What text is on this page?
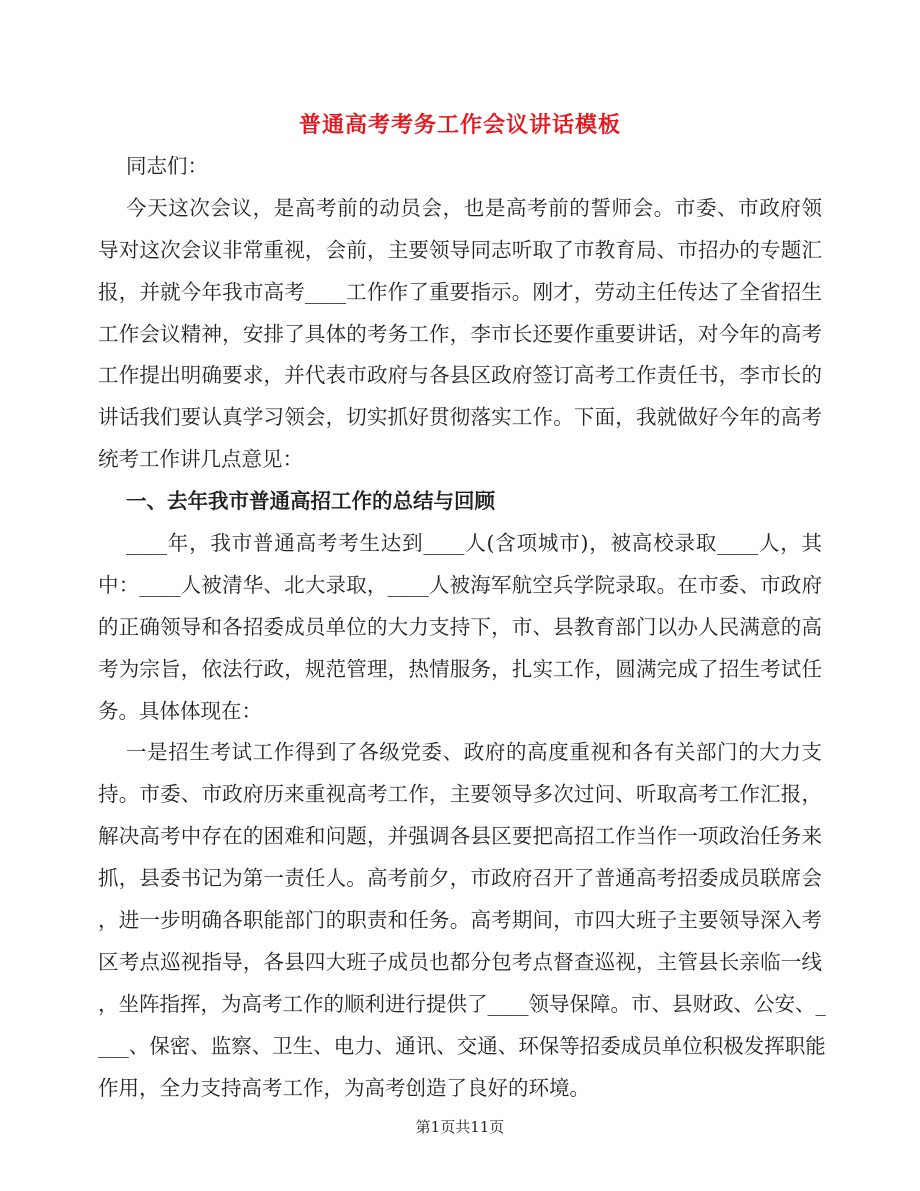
普通高考考务工作会议讲话模板
同志们：
今天这次会议，是高考前的动员会，也是高考前的誓师会。市委、市政府领
导对这次会议非常重视，会前，主要领导同志听取了市教育局、市招办的专题汇
报，并就今年我市高考____工作作了重要指示。刚才，劳动主任传达了全省招生
工作会议精神，安排了具体的考务工作，李市长还要作重要讲话，对今年的高考
工作提出明确要求，并代表市政府与各县区政府签订高考工作责任书，李市长的
讲话我们要认真学习领会，切实抓好贯彻落实工作。下面，我就做好今年的高考
统考工作讲几点意见：
一、去年我市普通高招工作的总结与回顾
____年，我市普通高考考生达到____人(含项城市)，被高校录取____人，其
中：____人被清华、北大录取，____人被海军航空兵学院录取。在市委、市政府
的正确领导和各招委成员单位的大力支持下，市、县教育部门以办人民满意的高
考为宗旨，依法行政，规范管理，热情服务，扎实工作，圆满完成了招生考试任
务。具体体现在：
一是招生考试工作得到了各级党委、政府的高度重视和各有关部门的大力支
持。市委、市政府历来重视高考工作，主要领导多次过问、听取高考工作汇报，
解决高考中存在的困难和问题，并强调各县区要把高招工作当作一项政治任务来
抓，县委书记为第一责任人。高考前夕，市政府召开了普通高考招委成员联席会
，进一步明确各职能部门的职责和任务。高考期间，市四大班子主要领导深入考
区考点巡视指导，各县四大班子成员也都分包考点督查巡视，主管县长亲临一线
，坐阵指挥，为高考工作的顺利进行提供了____领导保障。市、县财政、公安、_
___、保密、监察、卫生、电力、通讯、交通、环保等招委成员单位积极发挥职能
作用，全力支持高考工作，为高考创造了良好的环境。
第1页共11页
